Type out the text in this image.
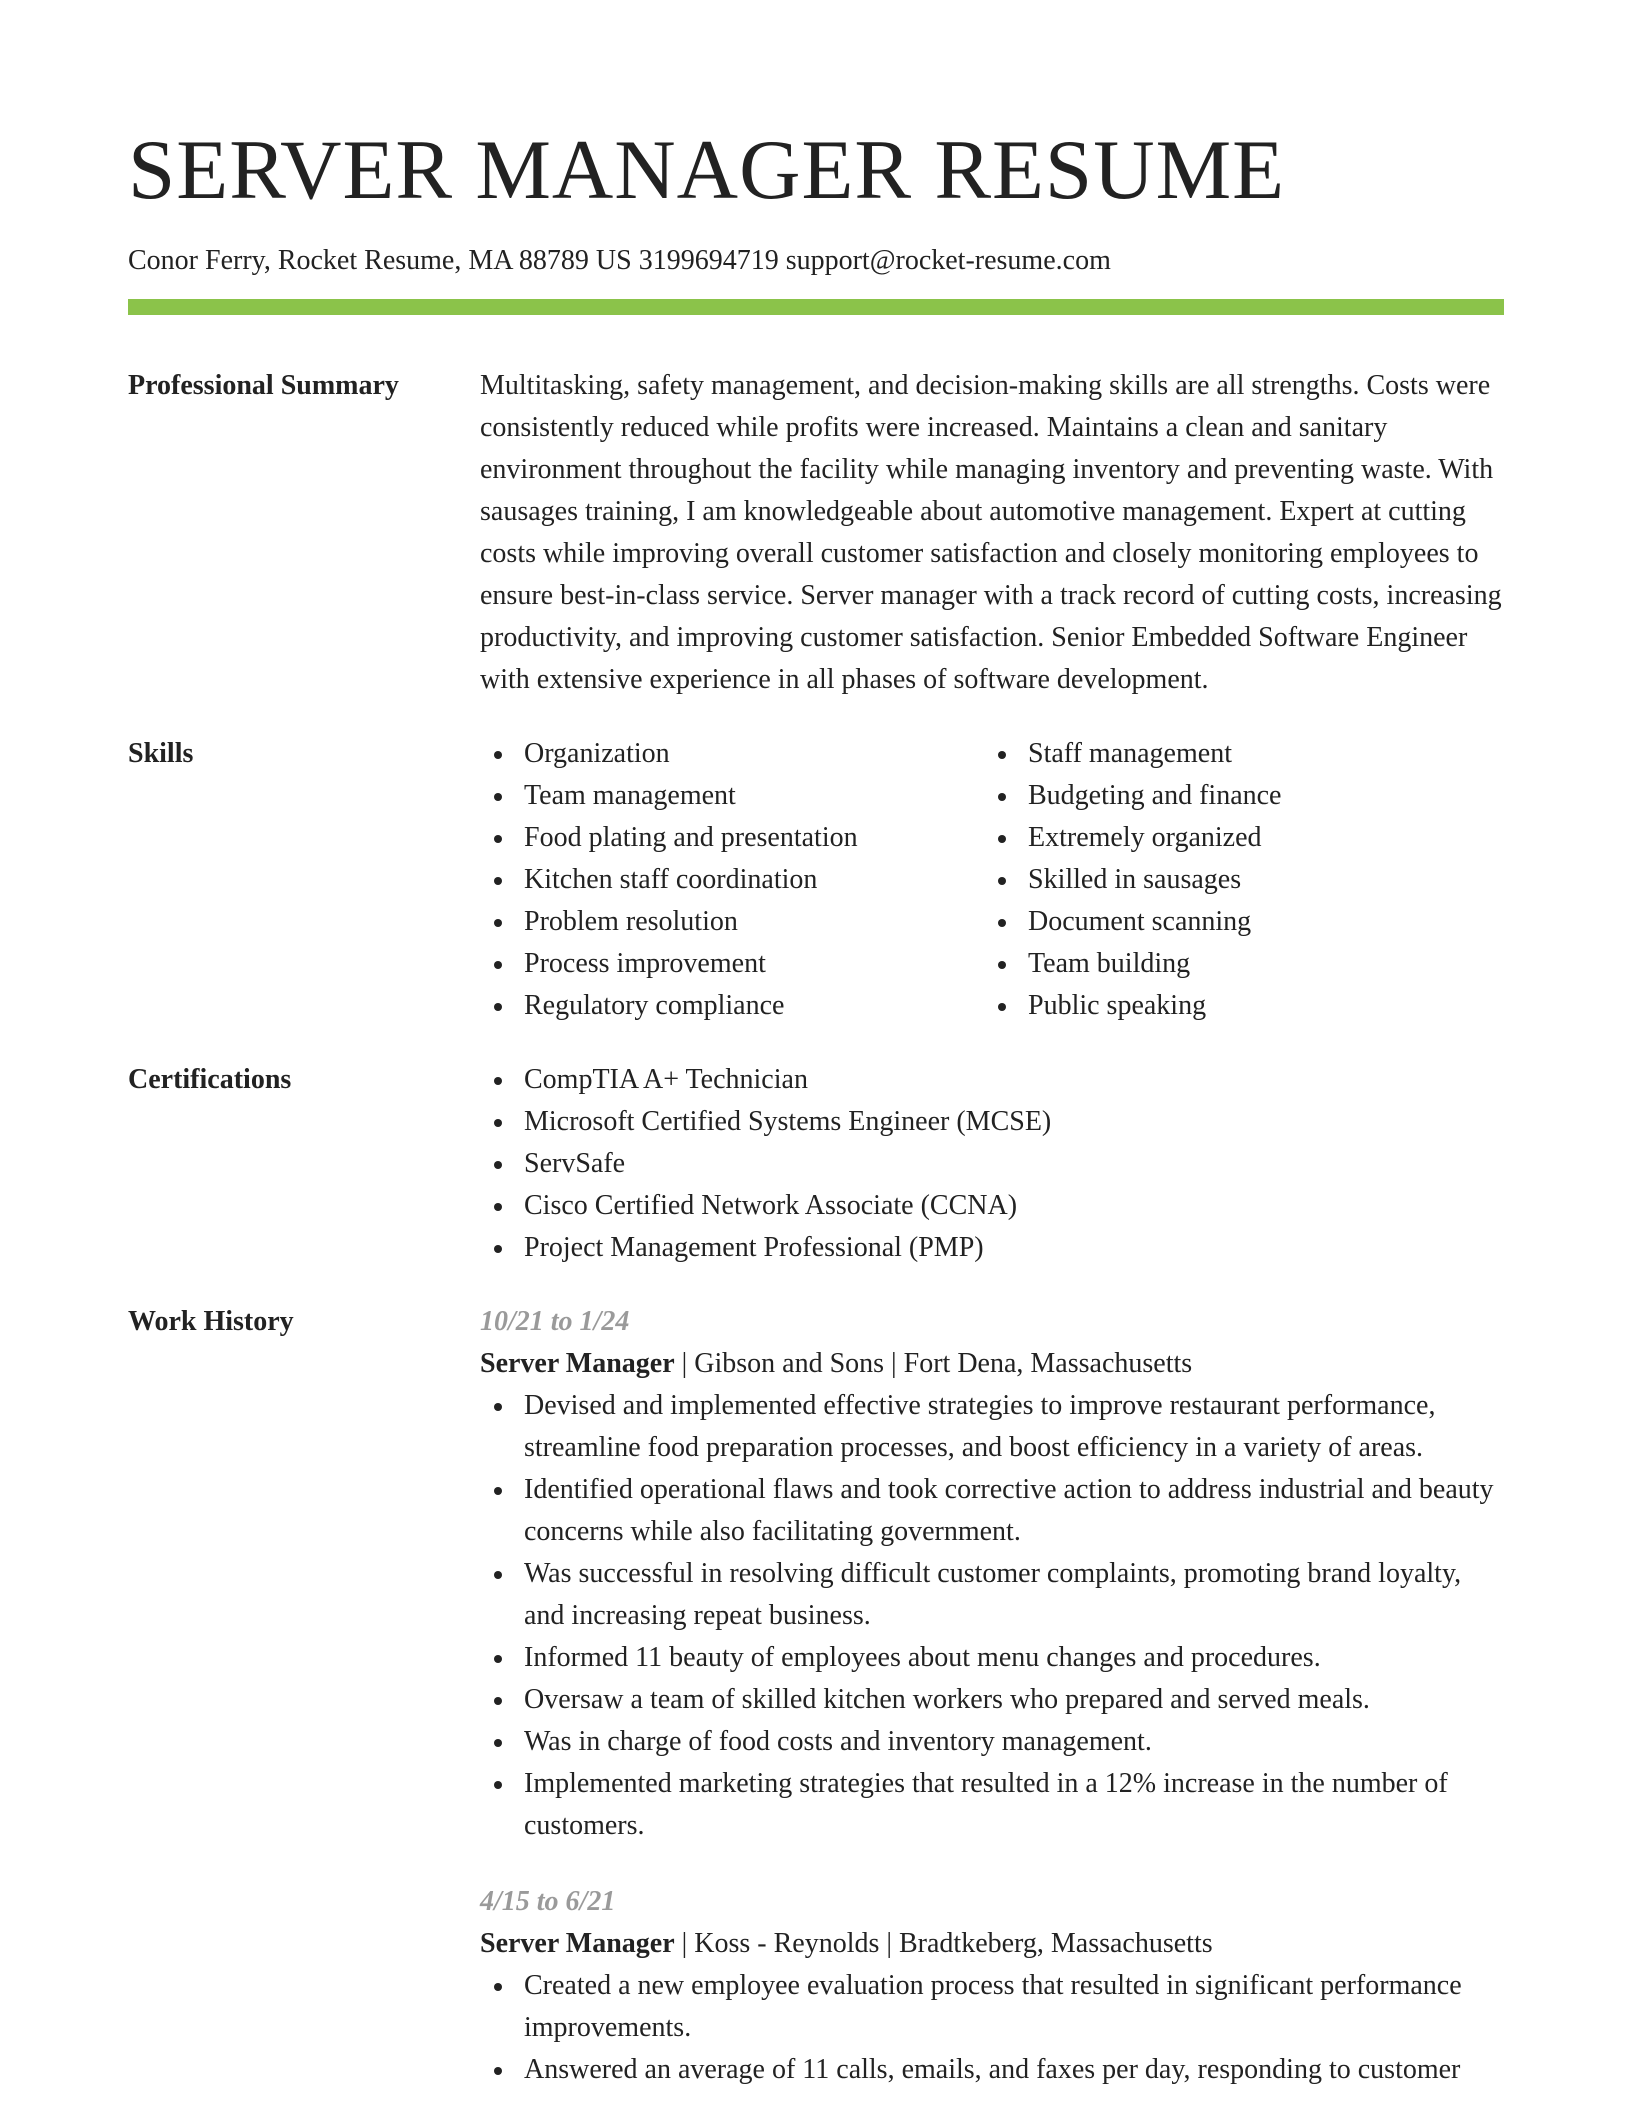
SERVER MANAGER RESUME
Conor Ferry, Rocket Resume, MA 88789 US 3199694719 support@rocket-resume.com
Professional Summary	Multitasking, safety management, and decision-making skills are all strengths. Costs were consistently reduced while profits were increased. Maintains a clean and sanitary environment throughout the facility while managing inventory and preventing waste. With sausages training, I am knowledgeable about automotive management. Expert at cutting costs while improving overall customer satisfaction and closely monitoring employees to ensure best-in-class service. Server manager with a track record of cutting costs, increasing productivity, and improving customer satisfaction. Senior Embedded Software Engineer with extensive experience in all phases of software development.

Skills	Organization
Team management
Food plating and presentation
Kitchen staff coordination
Problem resolution
Process improvement
Regulatory compliance
Staff management
Budgeting and finance
Extremely organized
Skilled in sausages
Document scanning
Team building
Public speaking
Certifications	CompTIA A+ Technician
Microsoft Certified Systems Engineer (MCSE)
ServSafe
Cisco Certified Network Associate (CCNA)
Project Management Professional (PMP)
Work History	10/21 to 1/24
Server Manager | Gibson and Sons | Fort Dena, Massachusetts
Devised and implemented effective strategies to improve restaurant performance, streamline food preparation processes, and boost efficiency in a variety of areas.
Identified operational flaws and took corrective action to address industrial and beauty concerns while also facilitating government.
Was successful in resolving difficult customer complaints, promoting brand loyalty, and increasing repeat business.
Informed 11 beauty of employees about menu changes and procedures.
Oversaw a team of skilled kitchen workers who prepared and served meals.
Was in charge of food costs and inventory management.
Implemented marketing strategies that resulted in a 12% increase in the number of customers.
4/15 to 6/21
Server Manager | Koss - Reynolds | Bradtkeberg, Massachusetts
Created a new employee evaluation process that resulted in significant performance improvements.
Answered an average of 11 calls, emails, and faxes per day, responding to customer
